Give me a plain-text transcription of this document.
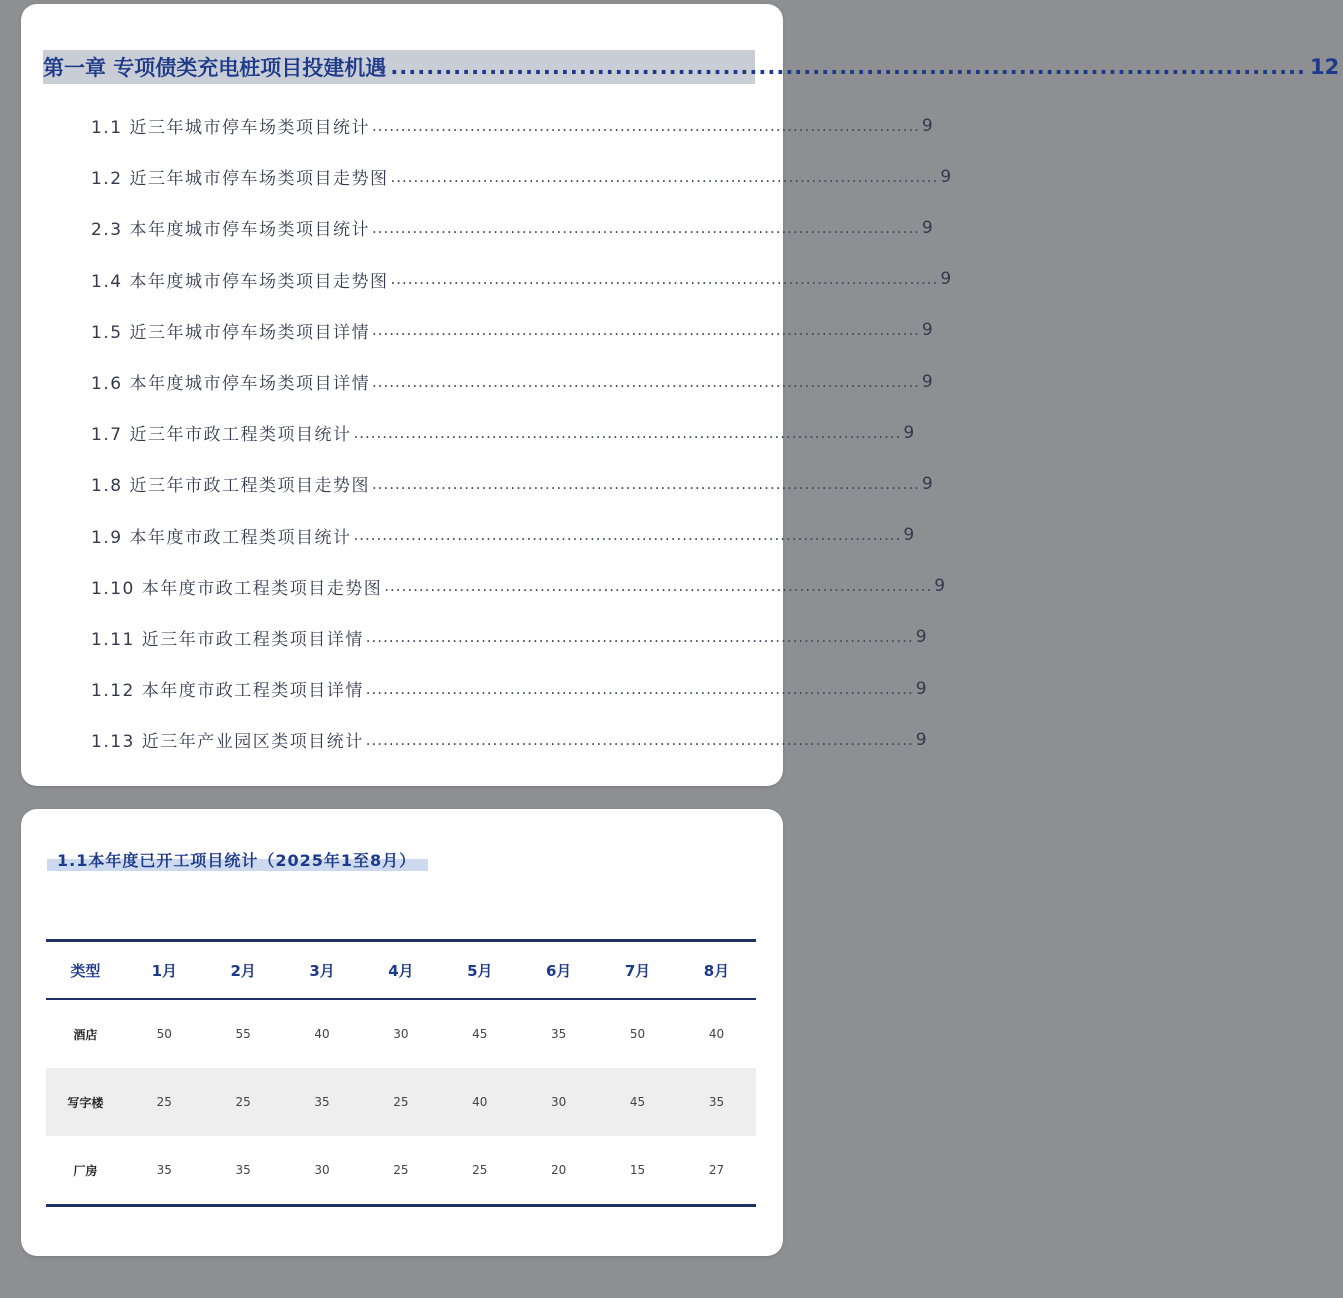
第一章 专项债类充电桩项目投建机遇 ...................................................................................................... 12
1.1 近三年城市停车场类项目统计 ............................................................................................... 9
1.2 近三年城市停车场类项目走势图 ............................................................................................... 9
2.3 本年度城市停车场类项目统计 ............................................................................................... 9
1.4 本年度城市停车场类项目走势图 ............................................................................................... 9
1.5 近三年城市停车场类项目详情 ............................................................................................... 9
1.6 本年度城市停车场类项目详情 ............................................................................................... 9
1.7 近三年市政工程类项目统计 ............................................................................................... 9
1.8 近三年市政工程类项目走势图 ............................................................................................... 9
1.9 本年度市政工程类项目统计 ............................................................................................... 9
1.10 本年度市政工程类项目走势图 ............................................................................................... 9
1.11 近三年市政工程类项目详情 ............................................................................................... 9
1.12 本年度市政工程类项目详情 ............................................................................................... 9
1.13 近三年产业园区类项目统计 ............................................................................................... 9
1.1本年度已开工项目统计（2025年1至8月）
类型	1月	2月	3月	4月	5月	6月	7月	8月
酒店	50	55	40	30	45	35	50	40
写字楼	25	25	35	25	40	30	45	35
厂房	35	35	30	25	25	20	15	27
